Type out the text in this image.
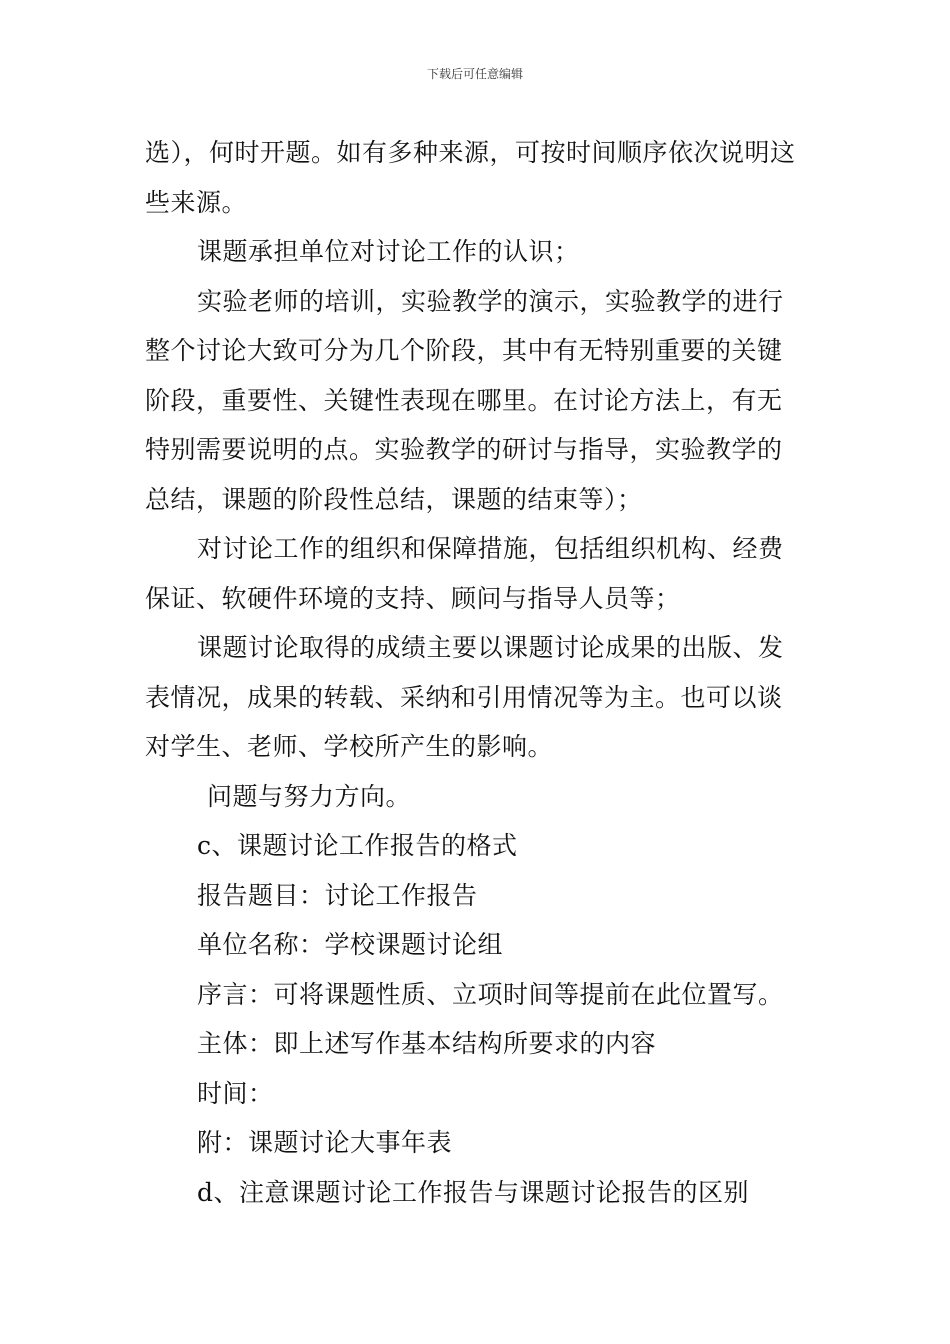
下载后可任意编辑

选），何时开题。如有多种来源，可按时间顺序依次说明这

些来源。

课题承担单位对讨论工作的认识；

实验老师的培训，实验教学的演示，实验教学的进行

整个讨论大致可分为几个阶段，其中有无特别重要的关键

阶段，重要性、关键性表现在哪里。在讨论方法上，有无

特别需要说明的点。实验教学的研讨与指导，实验教学的

总结，课题的阶段性总结，课题的结束等）；

对讨论工作的组织和保障措施，包括组织机构、经费

保证、软硬件环境的支持、顾问与指导人员等；

课题讨论取得的成绩主要以课题讨论成果的出版、发

表情况，成果的转载、采纳和引用情况等为主。也可以谈

对学生、老师、学校所产生的影响。

问题与努力方向。

c、课题讨论工作报告的格式

报告题目：讨论工作报告

单位名称：学校课题讨论组

序言：可将课题性质、立项时间等提前在此位置写。

主体：即上述写作基本结构所要求的内容

时间：

附：课题讨论大事年表

d、注意课题讨论工作报告与课题讨论报告的区别
